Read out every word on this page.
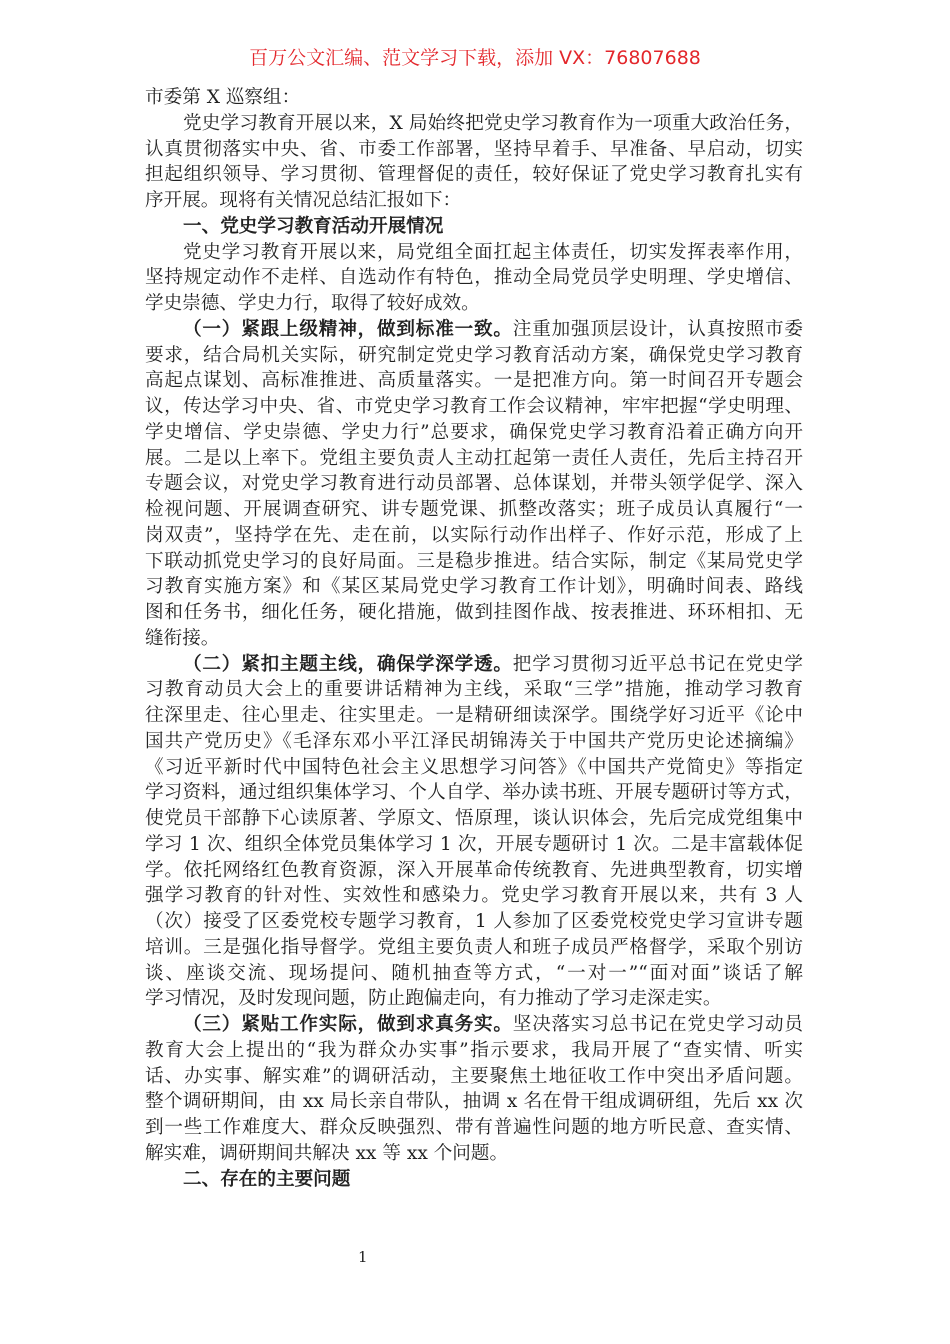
百万公文汇编、范文学习下载，添加 VX：76807688
市委第 X 巡察组：
党史学习教育开展以来，X 局始终把党史学习教育作为一项重大政治任务，
认真贯彻落实中央、省、市委工作部署，坚持早着手、早准备、早启动，切实
担起组织领导、学习贯彻、管理督促的责任，较好保证了党史学习教育扎实有
序开展。现将有关情况总结汇报如下：
一、党史学习教育活动开展情况
党史学习教育开展以来，局党组全面扛起主体责任，切实发挥表率作用，
坚持规定动作不走样、自选动作有特色，推动全局党员学史明理、学史增信、
学史崇德、学史力行，取得了较好成效。
（一）紧跟上级精神，做到标准一致。注重加强顶层设计，认真按照市委
要求，结合局机关实际，研究制定党史学习教育活动方案，确保党史学习教育
高起点谋划、高标准推进、高质量落实。一是把准方向。第一时间召开专题会
议，传达学习中央、省、市党史学习教育工作会议精神，牢牢把握“学史明理、
学史增信、学史崇德、学史力行”总要求，确保党史学习教育沿着正确方向开
展。二是以上率下。党组主要负责人主动扛起第一责任人责任，先后主持召开
专题会议，对党史学习教育进行动员部署、总体谋划，并带头领学促学、深入
检视问题、开展调查研究、讲专题党课、抓整改落实；班子成员认真履行“一
岗双责”，坚持学在先、走在前，以实际行动作出样子、作好示范，形成了上
下联动抓党史学习的良好局面。三是稳步推进。结合实际，制定《某局党史学
习教育实施方案》和《某区某局党史学习教育工作计划》，明确时间表、路线
图和任务书，细化任务，硬化措施，做到挂图作战、按表推进、环环相扣、无
缝衔接。
（二）紧扣主题主线，确保学深学透。把学习贯彻习近平总书记在党史学
习教育动员大会上的重要讲话精神为主线，采取“三学”措施，推动学习教育
往深里走、往心里走、往实里走。一是精研细读深学。围绕学好习近平《论中
国共产党历史》《毛泽东邓小平江泽民胡锦涛关于中国共产党历史论述摘编》
《习近平新时代中国特色社会主义思想学习问答》《中国共产党简史》等指定
学习资料，通过组织集体学习、个人自学、举办读书班、开展专题研讨等方式，
使党员干部静下心读原著、学原文、悟原理，谈认识体会，先后完成党组集中
学习 1 次、组织全体党员集体学习 1 次，开展专题研讨 1 次。二是丰富载体促
学。依托网络红色教育资源，深入开展革命传统教育、先进典型教育，切实增
强学习教育的针对性、实效性和感染力。党史学习教育开展以来，共有 3 人
（次）接受了区委党校专题学习教育，1 人参加了区委党校党史学习宣讲专题
培训。三是强化指导督学。党组主要负责人和班子成员严格督学，采取个别访
谈、座谈交流、现场提问、随机抽查等方式，“一对一”“面对面”谈话了解
学习情况，及时发现问题，防止跑偏走向，有力推动了学习走深走实。
（三）紧贴工作实际，做到求真务实。坚决落实习总书记在党史学习动员
教育大会上提出的“我为群众办实事”指示要求，我局开展了“查实情、听实
话、办实事、解实难”的调研活动，主要聚焦土地征收工作中突出矛盾问题。
整个调研期间，由 xx 局长亲自带队，抽调 x 名在骨干组成调研组，先后 xx 次
到一些工作难度大、群众反映强烈、带有普遍性问题的地方听民意、查实情、
解实难，调研期间共解决 xx 等 xx 个问题。
二、存在的主要问题
1
